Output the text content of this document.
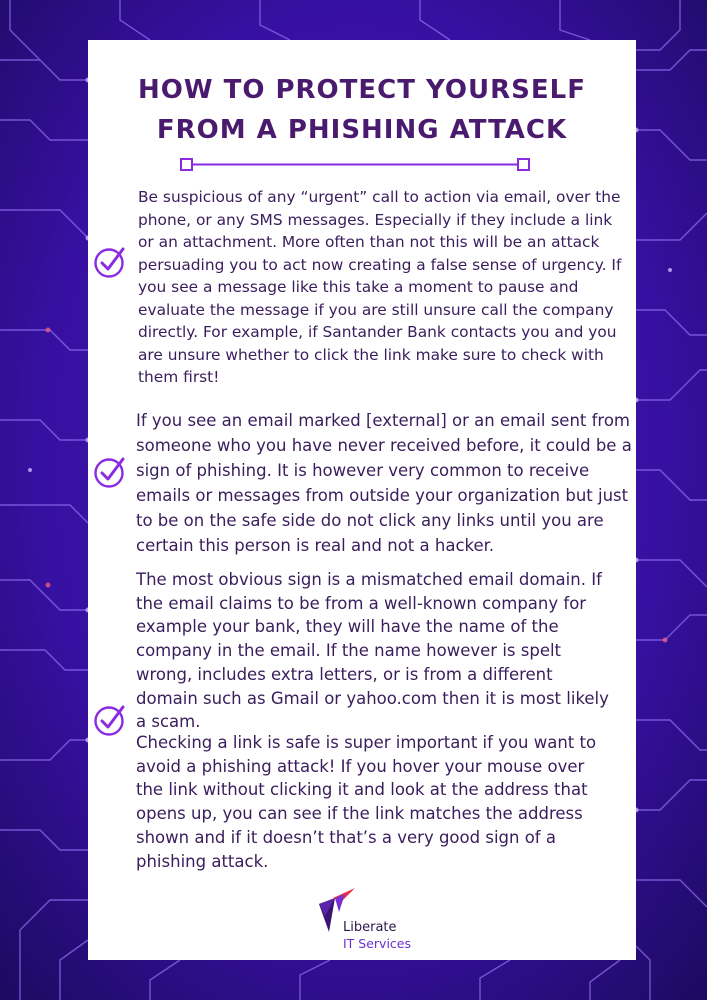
HOW TO PROTECT YOURSELF
FROM A PHISHING ATTACK

Be suspicious of any “urgent” call to action via email, over the phone, or any SMS messages. Especially if they include a link or an attachment. More often than not this will be an attack persuading you to act now creating a false sense of urgency. If you see a message like this take a moment to pause and evaluate the message if you are still unsure call the company directly. For example, if Santander Bank contacts you and you are unsure whether to click the link make sure to check with them first!

If you see an email marked [external] or an email sent from someone who you have never received before, it could be a sign of phishing. It is however very common to receive emails or messages from outside your organization but just to be on the safe side do not click any links until you are certain this person is real and not a hacker.

The most obvious sign is a mismatched email domain. If the email claims to be from a well-known company for example your bank, they will have the name of the company in the email. If the name however is spelt wrong, includes extra letters, or is from a different domain such as Gmail or yahoo.com then it is most likely a scam.

Checking a link is safe is super important if you want to avoid a phishing attack! If you hover your mouse over the link without clicking it and look at the address that opens up, you can see if the link matches the address shown and if it doesn’t that’s a very good sign of a phishing attack.

Liberate
IT Services
